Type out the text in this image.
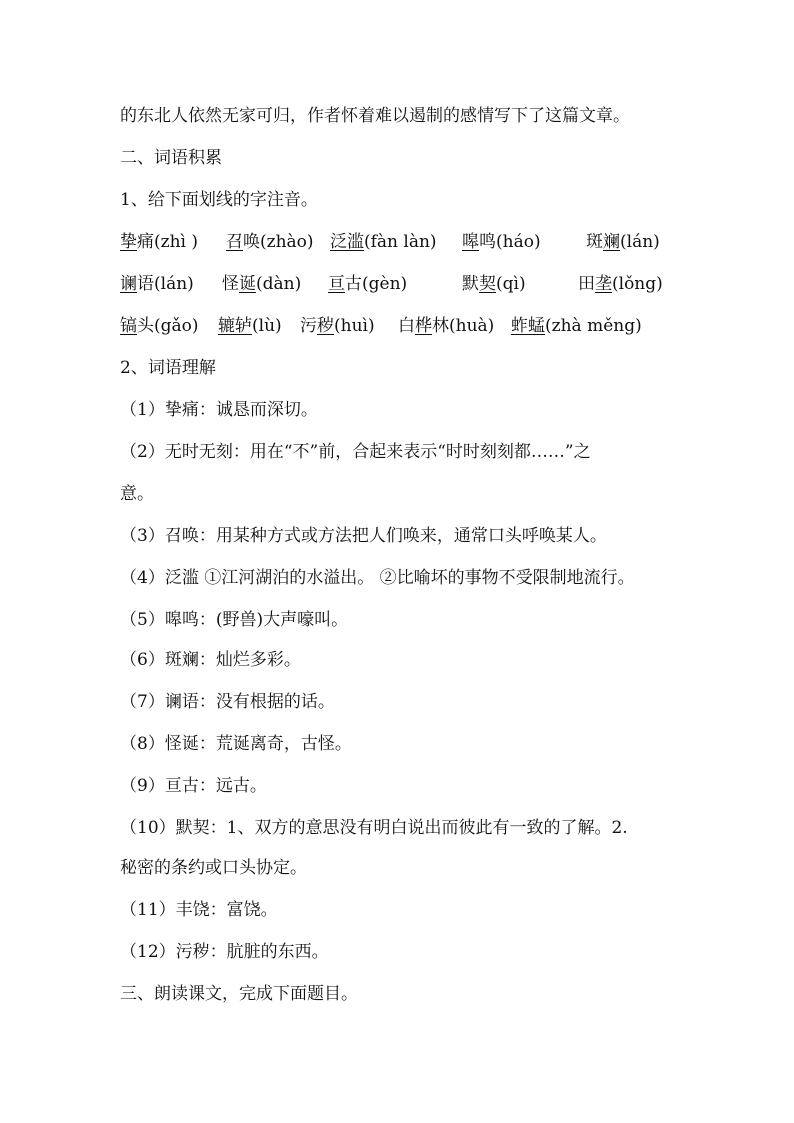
的东北人依然无家可归，作者怀着难以遏制的感情写下了这篇文章。
二、词语积累
1、给下面划线的字注音。
挚痛(zhì ) 召唤(zhào) 泛滥(fàn làn) 嗥鸣(háo)	斑斓(lán)
谰语(lán) 怪诞(dàn) 亘古(gèn)	默契(qì)	田垄(lǒng)
镐头(gǎo) 辘轳(lù) 污秽(huì) 白桦林(huà) 蚱蜢(zhà měng)
2、词语理解
（1）挚痛：诚恳而深切。
（2）无时无刻：用在“不”前，合起来表示“时时刻刻都……”之
意。
（3）召唤：用某种方式或方法把人们唤来，通常口头呼唤某人。
（4）泛滥 ①江河湖泊的水溢出。 ②比喻坏的事物不受限制地流行。
（5）嗥鸣：(野兽)大声嚎叫。
（6）斑斓：灿烂多彩。
（7）谰语：没有根据的话。
（8）怪诞：荒诞离奇，古怪。
（9）亘古：远古。
（10）默契：1、双方的意思没有明白说出而彼此有一致的了解。2.
秘密的条约或口头协定。
（11）丰饶：富饶。
（12）污秽：肮脏的东西。
三、朗读课文，完成下面题目。
